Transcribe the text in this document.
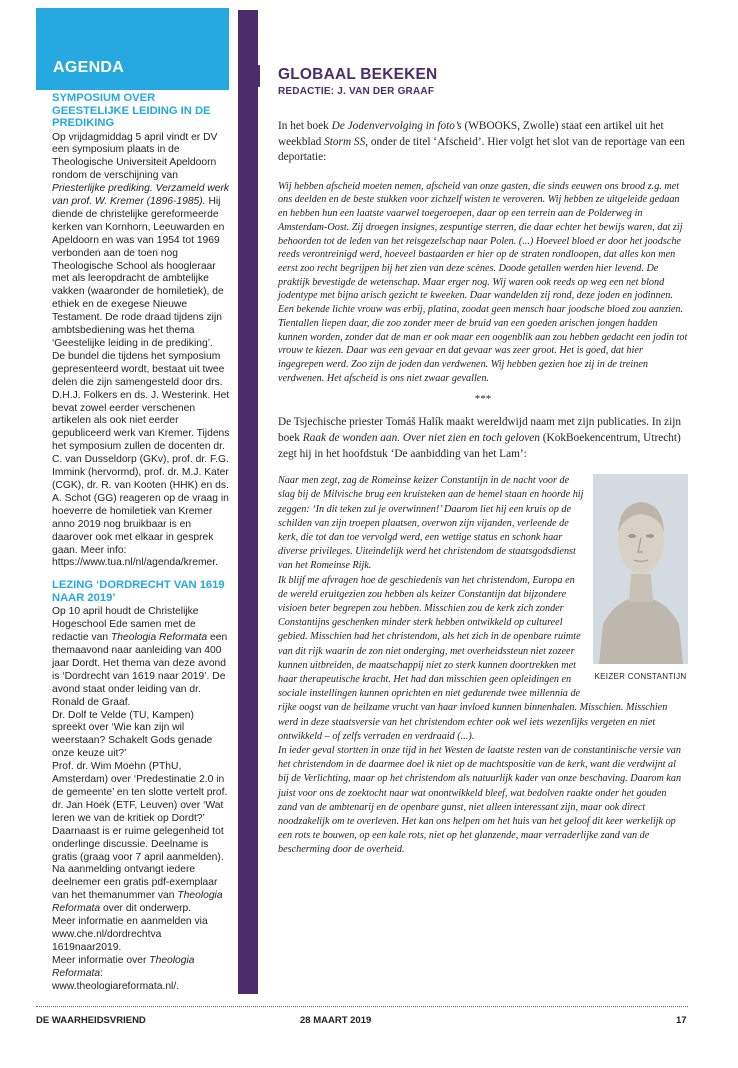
AGENDA
SYMPOSIUM OVER GEESTELIJKE LEIDING IN DE PREDIKING

Op vrijdagmiddag 5 april vindt er DV een symposium plaats in de Theologische Universiteit Apeldoorn rondom de verschijning van Priesterlijke prediking. Verzameld werk van prof. W. Kremer (1896-1985). Hij diende de christelijke gereformeerde kerken van Kornhorn, Leeuwarden en Apeldoorn en was van 1954 tot 1969 verbonden aan de toen nog Theologische School als hoogleraar met als leeropdracht de ambtelijke vakken (waaronder de homiletiek), de ethiek en de exegese Nieuwe Testament. De rode draad tijdens zijn ambtsbediening was het thema ‘Geestelijke leiding in de prediking’.

De bundel die tijdens het symposium gepresenteerd wordt, bestaat uit twee delen die zijn samengesteld door drs. D.H.J. Folkers en ds. J. Westerink. Het bevat zowel eerder verschenen artikelen als ook niet eerder gepubliceerd werk van Kremer. Tijdens het symposium zullen de docenten dr. C. van Dusseldorp (GKv), prof. dr. F.G. Immink (hervormd), prof. dr. M.J. Kater (CGK), dr. R. van Kooten (HHK) en ds. A. Schot (GG) reageren op de vraag in hoeverre de homiletiek van Kremer anno 2019 nog bruikbaar is en daarover ook met elkaar in gesprek gaan. Meer info: https://www.tua.nl/nl/agenda/kremer.

LEZING ‘DORDRECHT VAN 1619 NAAR 2019’

Op 10 april houdt de Christelijke Hogeschool Ede samen met de redactie van Theologia Reformata een themaavond naar aanleiding van 400 jaar Dordt. Het thema van deze avond is ‘Dordrecht van 1619 naar 2019’. De avond staat onder leiding van dr. Ronald de Graaf.

Dr. Dolf te Velde (TU, Kampen) spreekt over ‘Wie kan zijn wil weerstaan? Schakelt Gods genade onze keuze uit?’

Prof. dr. Wim Moehn (PThU, Amsterdam) over ‘Predestinatie 2.0 in de gemeente’ en ten slotte vertelt prof. dr. Jan Hoek (ETF, Leuven) over ‘Wat leren we van de kritiek op Dordt?’

Daarnaast is er ruime gelegenheid tot onderlinge discussie. Deelname is gratis (graag voor 7 april aanmelden). Na aanmelding ontvangt iedere deelnemer een gratis pdf-exemplaar van het themanummer van Theologia Reformata over dit onderwerp.

Meer informatie en aanmelden via www.che.nl/dordrechtva 1619naar2019.

Meer informatie over Theologia Reformata: www.theologiareformata.nl/.

GLOBAAL BEKEKEN
REDACTIE: J. VAN DER GRAAF

In het boek De Jodenvervolging in foto’s (WBOOKS, Zwolle) staat een artikel uit het weekblad Storm SS, onder de titel ‘Afscheid’. Hier volgt het slot van de reportage van een deportatie:

Wij hebben afscheid moeten nemen, afscheid van onze gasten, die sinds eeuwen ons brood z.g. met ons deelden en de beste stukken voor zichzelf wisten te veroveren. Wij hebben ze uitgeleide gedaan en hebben hun een laatste vaarwel toegeroepen, daar op een terrein aan de Polderweg in Amsterdam-Oost. Zij droegen insignes, zespuntige sterren, die daar echter het bewijs waren, dat zij behoorden tot de leden van het reisgezelschap naar Polen. (...) Hoeveel bloed er door het joodsche reeds verontreinigd werd, hoeveel bastaarden er hier op de straten rondloopen, dat alles kon men eerst zoo recht begrijpen bij het zien van deze scènes. Doode getallen werden hier levend. De praktijk bevestigde de wetenschap. Maar erger nog. Wij waren ook reeds op weg een net blond jodentype met bijna arisch gezicht te kweeken. Daar wandelden zij rond, deze joden en jodinnen. Een bekende lichte vrouw was erbij, platina, zoodat geen mensch haar joodsche bloed zou aanzien. Tientallen liepen daar, die zoo zonder meer de bruid van een goeden arischen jongen hadden kunnen worden, zonder dat de man er ook maar een oogenblik aan zou hebben gedacht een jodin tot vrouw te kiezen. Daar was een gevaar en dat gevaar was zeer groot. Het is goed, dat hier ingegrepen werd. Zoo zijn de joden dan verdwenen. Wij hebben gezien hoe zij in de treinen verdwenen. Het afscheid is ons niet zwaar gevallen.

***

De Tsjechische priester Tomáš Halík maakt wereldwijd naam met zijn publicaties. In zijn boek Raak de wonden aan. Over niet zien en toch geloven (KokBoekencentrum, Utrecht) zegt hij in het hoofdstuk ‘De aanbidding van het Lam’:

KEIZER CONSTANTIJN

Naar men zegt, zag de Romeinse keizer Constantijn in de nacht voor de slag bij de Milvische brug een kruisteken aan de hemel staan en hoorde hij zeggen: ‘In dit teken zul je overwinnen!’ Daarom liet hij een kruis op de schilden van zijn troepen plaatsen, overwon zijn vijanden, verleende de kerk, die tot dan toe vervolgd werd, een wettige status en schonk haar diverse privileges. Uiteindelijk werd het christendom de staatsgodsdienst van het Romeinse Rijk.

Ik blijf me afvragen hoe de geschiedenis van het christendom, Europa en de wereld eruitgezien zou hebben als keizer Constantijn dat bijzondere visioen beter begrepen zou hebben. Misschien zou de kerk zich zonder Constantijns geschenken minder sterk hebben ontwikkeld op cultureel gebied. Misschien had het christendom, als het zich in de openbare ruimte van dit rijk waarin de zon niet onderging, met overheidssteun niet zozeer kunnen uitbreiden, de maatschappij niet zo sterk kunnen doortrekken met haar therapeutische kracht. Het had dan misschien geen opleidingen en sociale instellingen kunnen oprichten en niet gedurende twee millennia de rijke oogst van de heilzame vrucht van haar invloed kunnen binnenhalen. Misschien. Misschien werd in deze staatsversie van het christendom echter ook wel iets wezenlijks vergeten en niet ontwikkeld – of zelfs verraden en verdraaid (...).

In ieder geval stortten in onze tijd in het Westen de laatste resten van de constantinische versie van het christendom in de daarmee doel ik niet op de machtspositie van de kerk, want die verdwijnt al bij de Verlichting, maar op het christendom als natuurlijk kader van onze beschaving. Daarom kan juist voor ons de zoektocht naar wat onontwikkeld bleef, wat bedolven raakte onder het gouden zand van de ambtenarij en de openbare gunst, niet alleen interessant zijn, maar ook direct noodzakelijk om te overleven. Het kan ons helpen om het huis van het geloof dit keer werkelijk op een rots te bouwen, op een kale rots, niet op het glanzende, maar verraderlijke zand van de bescherming door de overheid.

DE WAARHEIDSVRIEND	28 MAART 2019	17
